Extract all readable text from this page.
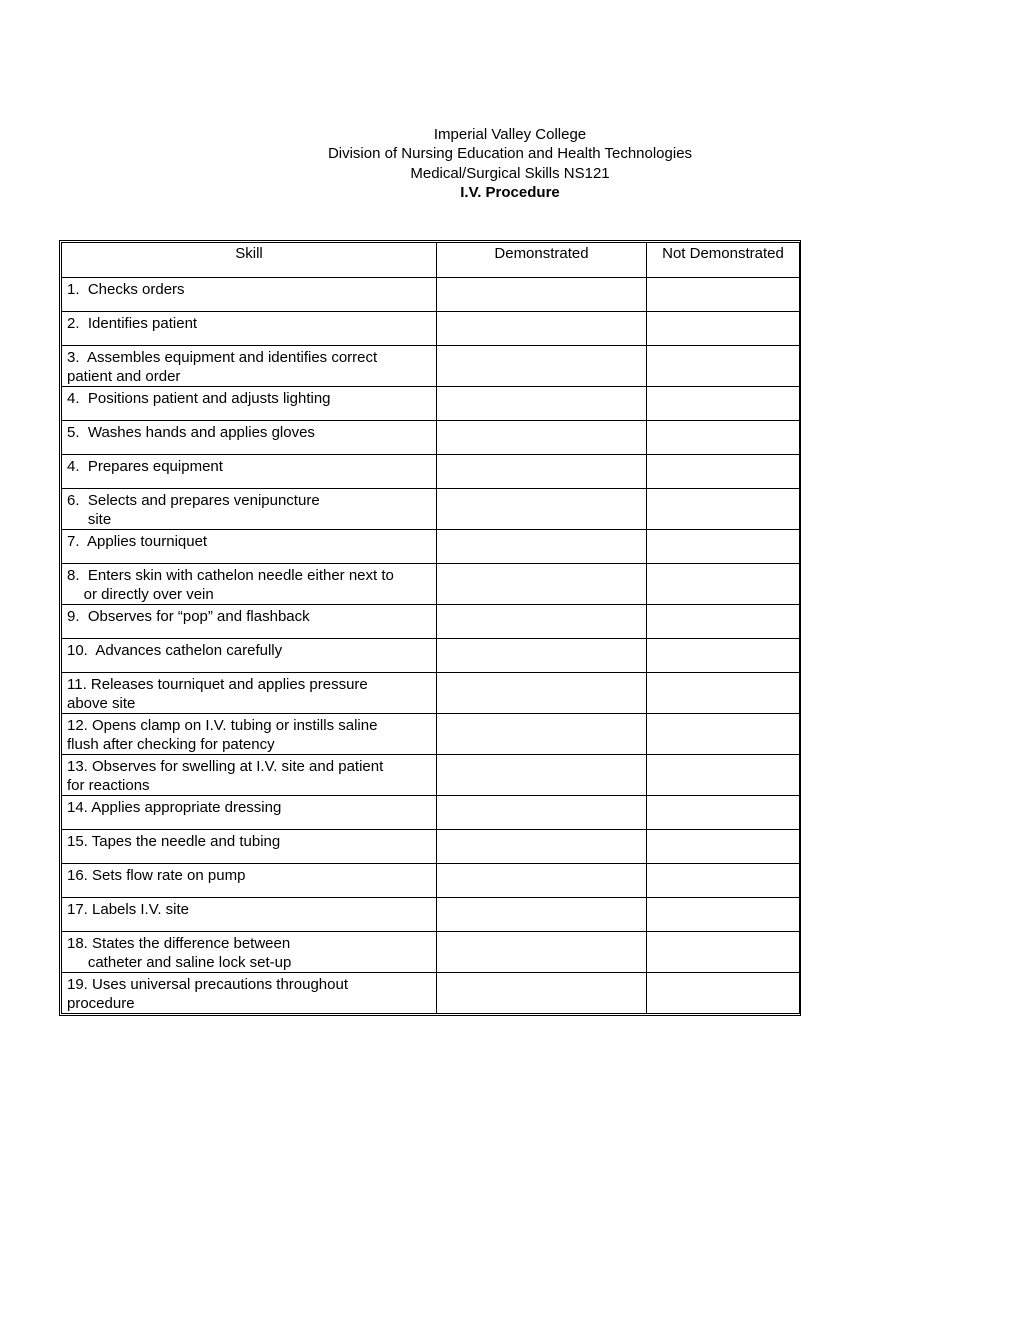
Imperial Valley College
Division of Nursing Education and Health Technologies
Medical/Surgical Skills NS121
I.V. Procedure
Skill	Demonstrated	Not Demonstrated
1.  Checks orders		
2.  Identifies patient		
3.  Assembles equipment and identifies correct
patient and order		
4.  Positions patient and adjusts lighting		
5.  Washes hands and applies gloves		
4.  Prepares equipment		
6.  Selects and prepares venipuncture
site		
7.  Applies tourniquet		
8.  Enters skin with cathelon needle either next to
or directly over vein		
9.  Observes for “pop” and flashback		
10.  Advances cathelon carefully		
11. Releases tourniquet and applies pressure
above site		
12. Opens clamp on I.V. tubing or instills saline
flush after checking for patency		
13. Observes for swelling at I.V. site and patient
for reactions		
14. Applies appropriate dressing		
15. Tapes the needle and tubing		
16. Sets flow rate on pump		
17. Labels I.V. site		
18. States the difference between
catheter and saline lock set-up		
19. Uses universal precautions throughout
procedure		
